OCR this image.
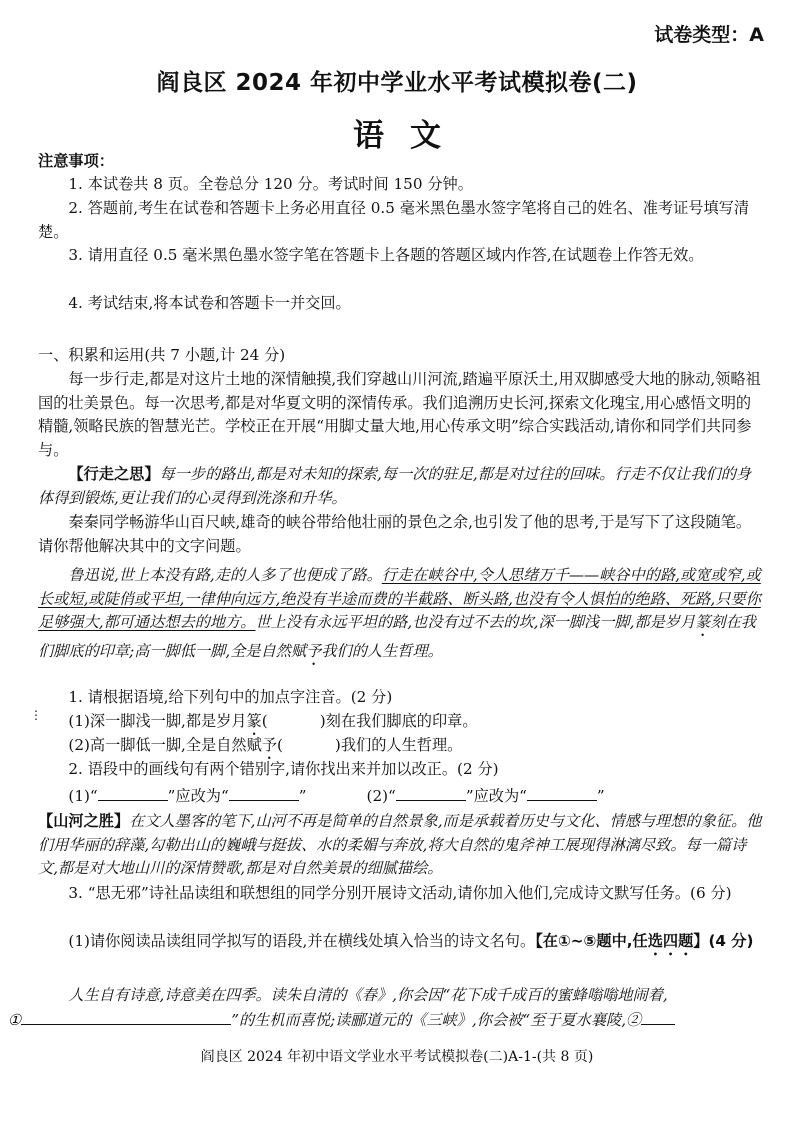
试卷类型：A
阎良区 2024 年初中学业水平考试模拟卷(二)
语文
注意事项：
1. 本试卷共 8 页。全卷总分 120 分。考试时间 150 分钟。
2. 答题前,考生在试卷和答题卡上务必用直径 0.5 毫米黑色墨水签字笔将自己的姓名、准考证号填写清楚。
3. 请用直径 0.5 毫米黑色墨水签字笔在答题卡上各题的答题区域内作答,在试题卷上作答无效。
4. 考试结束,将本试卷和答题卡一并交回。
一、积累和运用(共 7 小题,计 24 分)
每一步行走,都是对这片土地的深情触摸,我们穿越山川河流,踏遍平原沃土,用双脚感受大地的脉动,领略祖国的壮美景色。每一次思考,都是对华夏文明的深情传承。我们追溯历史长河,探索文化瑰宝,用心感悟文明的精髓,领略民族的智慧光芒。学校正在开展“用脚丈量大地,用心传承文明”综合实践活动,请你和同学们共同参与。
【行走之思】每一步的路出,都是对未知的探索,每一次的驻足,都是对过往的回味。行走不仅让我们的身体得到锻炼,更让我们的心灵得到洗涤和升华。
秦秦同学畅游华山百尺峡,雄奇的峡谷带给他壮丽的景色之余,也引发了他的思考,于是写下了这段随笔。请你帮他解决其中的文字问题。
鲁迅说,世上本没有路,走的人多了也便成了路。行走在峡谷中,令人思绪万千——峡谷中的路,或宽或窄,或长或短,或陡俏或平坦,一律伸向远方,绝没有半途而费的半截路、断头路,也没有令人惧怕的绝路、死路,只要你足够强大,都可通达想去的地方。世上没有永远平坦的路,也没有过不去的坎,深一脚浅一脚,都是岁月篆刻在我们脚底的印章;高一脚低一脚,全是自然赋予我们的人生哲理。
⋮
1. 请根据语境,给下列句中的加点字注音。(2 分)
(1)深一脚浅一脚,都是岁月篆(	)刻在我们脚底的印章。
(2)高一脚低一脚,全是自然赋予(	)我们的人生哲理。
2. 语段中的画线句有两个错别字,请你找出来并加以改正。(2 分)
(1)“	”应改为“	”	(2)“	”应改为“	”
【山河之胜】在文人墨客的笔下,山河不再是简单的自然景象,而是承载着历史与文化、情感与理想的象征。他们用华丽的辞藻,勾勒出山的巍峨与挺拔、水的柔媚与奔放,将大自然的鬼斧神工展现得淋漓尽致。每一篇诗文,都是对大地山川的深情赞歌,都是对自然美景的细腻描绘。
3. “思无邪”诗社品读组和联想组的同学分别开展诗文活动,请你加入他们,完成诗文默写任务。(6 分)
(1)请你阅读品读组同学拟写的语段,并在横线处填入恰当的诗文名句。【在①~⑤题中,任选四题】(4 分)
人生自有诗意,诗意美在四季。读朱自清的《春》,你会因“花下成千成百的蜜蜂嗡嗡地闹着,
①	”的生机而喜悦;读郦道元的《三峡》,你会被“至于夏水襄陵,②
阎良区 2024 年初中语文学业水平考试模拟卷(二)A-1-(共 8 页)
